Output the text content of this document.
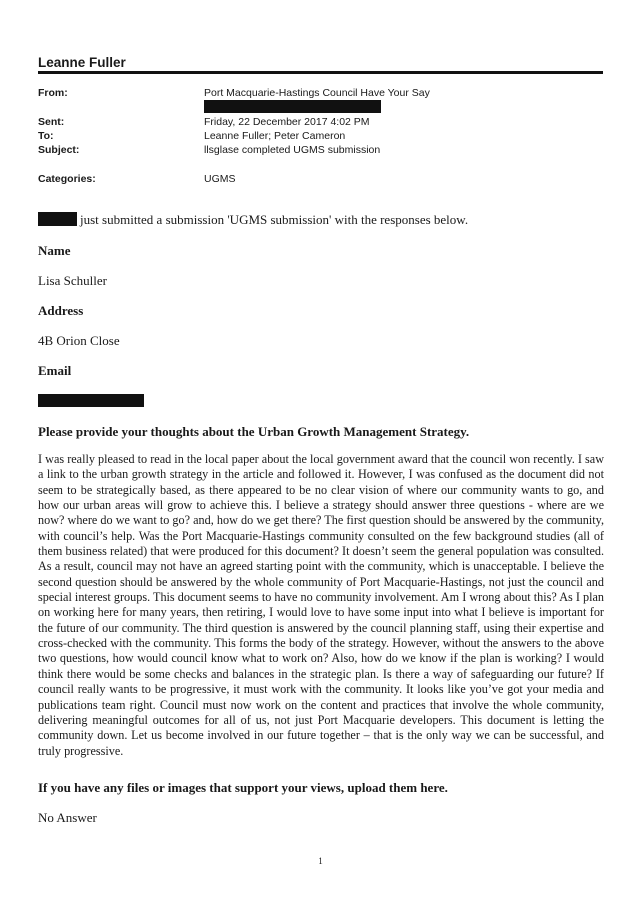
Leanne Fuller
From:	Port Macquarie-Hastings Council Have Your Say
Sent:	Friday, 22 December 2017 4:02 PM
To:	Leanne Fuller; Peter Cameron
Subject:	llsglase completed UGMS submission
Categories:	UGMS
just submitted a submission 'UGMS submission' with the responses below.
Name
Lisa Schuller
Address
4B Orion Close
Email
Please provide your thoughts about the Urban Growth Management Strategy.
I was really pleased to read in the local paper about the local government award that the council won recently. I saw a link to the urban growth strategy in the article and followed it. However, I was confused as the document did not seem to be strategically based, as there appeared to be no clear vision of where our community wants to go, and how our urban areas will grow to achieve this. I believe a strategy should answer three questions - where are we now? where do we want to go? and, how do we get there? The first question should be answered by the community, with council’s help. Was the Port Macquarie-Hastings community consulted on the few background studies (all of them business related) that were produced for this document? It doesn’t seem the general population was consulted. As a result, council may not have an agreed starting point with the community, which is unacceptable. I believe the second question should be answered by the whole community of Port Macquarie-Hastings, not just the council and special interest groups. This document seems to have no community involvement. Am I wrong about this? As I plan on working here for many years, then retiring, I would love to have some input into what I believe is important for the future of our community. The third question is answered by the council planning staff, using their expertise and cross-checked with the community. This forms the body of the strategy. However, without the answers to the above two questions, how would council know what to work on? Also, how do we know if the plan is working? I would think there would be some checks and balances in the strategic plan. Is there a way of safeguarding our future? If council really wants to be progressive, it must work with the community. It looks like you’ve got your media and publications team right. Council must now work on the content and practices that involve the whole community, delivering meaningful outcomes for all of us, not just Port Macquarie developers. This document is letting the community down. Let us become involved in our future together – that is the only way we can be successful, and truly progressive.
If you have any files or images that support your views, upload them here.
No Answer
1
